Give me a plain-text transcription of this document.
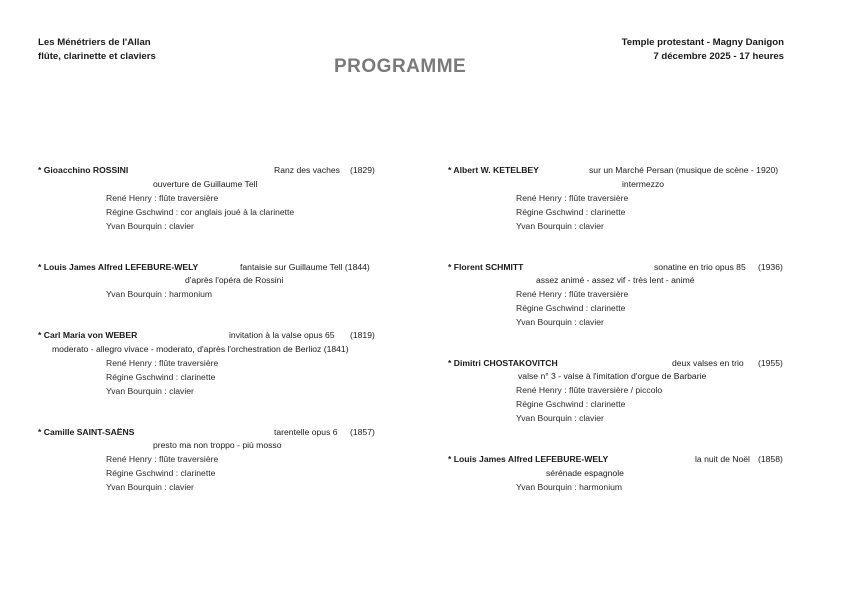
Les Ménétriers de l'Allan
flûte, clarinette et claviers	PROGRAMME
Temple protestant - Magny Danigon
7 décembre 2025 - 17 heures
* Gioacchino ROSSINI	Ranz des vaches (1829)
ouverture de Guillaume Tell
René Henry : flûte traversière
Régine Gschwind : cor anglais joué à la clarinette
Yvan Bourquin : clavier
* Louis James Alfred LEFEBURE-WELY	fantaisie sur Guillaume Tell (1844)
d'après l'opéra de Rossini
Yvan Bourquin : harmonium
* Carl Maria von WEBER	invitation à la valse opus 65 (1819)
moderato - allegro vivace - moderato, d'après l'orchestration de Berlioz (1841)
René Henry : flûte traversière
Régine Gschwind : clarinette
Yvan Bourquin : clavier
* Camille SAINT-SAËNS	tarentelle opus 6 (1857)
presto ma non troppo - più mosso
René Henry : flûte traversière
Régine Gschwind : clarinette
Yvan Bourquin : clavier
* Albert W. KETELBEY	sur un Marché Persan (musique de scène - 1920)
intermezzo
René Henry : flûte traversière
Régine Gschwind : clarinette
Yvan Bourquin : clavier
* Florent SCHMITT	sonatine en trio opus 85 (1936)
assez animé - assez vif - très lent - animé
René Henry : flûte traversière
Régine Gschwind : clarinette
Yvan Bourquin : clavier
* Dimitri CHOSTAKOVITCH	deux valses en trio (1955)
valse n° 3 - valse à l'imitation d'orgue de Barbarie
René Henry : flûte traversière / piccolo
Régine Gschwind : clarinette
Yvan Bourquin : clavier
* Louis James Alfred LEFEBURE-WELY	la nuit de Noël (1858)
sérénade espagnole
Yvan Bourquin : harmonium
